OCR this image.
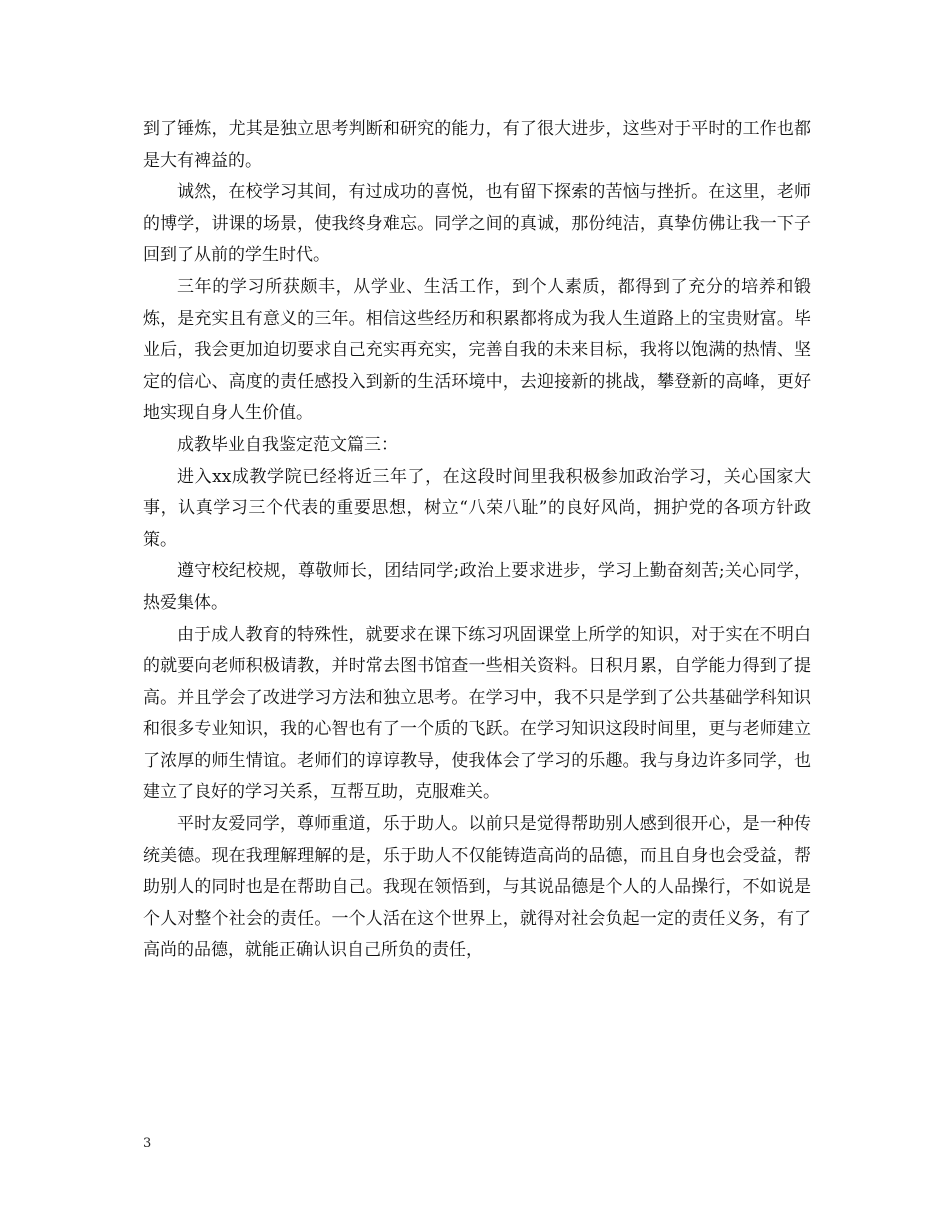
到了锤炼，尤其是独立思考判断和研究的能力，有了很大进步，这些对于平时的工作也都是大有裨益的。

诚然，在校学习其间，有过成功的喜悦，也有留下探索的苦恼与挫折。在这里，老师的博学，讲课的场景，使我终身难忘。同学之间的真诚，那份纯洁，真挚仿佛让我一下子回到了从前的学生时代。

三年的学习所获颇丰，从学业、生活工作，到个人素质，都得到了充分的培养和锻炼，是充实且有意义的三年。相信这些经历和积累都将成为我人生道路上的宝贵财富。毕业后，我会更加迫切要求自己充实再充实，完善自我的未来目标，我将以饱满的热情、坚定的信心、高度的责任感投入到新的生活环境中，去迎接新的挑战，攀登新的高峰，更好地实现自身人生价值。

成教毕业自我鉴定范文篇三：

进入xx成教学院已经将近三年了，在这段时间里我积极参加政治学习，关心国家大事，认真学习三个代表的重要思想，树立“八荣八耻”的良好风尚，拥护党的各项方针政策。

遵守校纪校规，尊敬师长，团结同学;政治上要求进步，学习上勤奋刻苦;关心同学，热爱集体。

由于成人教育的特殊性，就要求在课下练习巩固课堂上所学的知识，对于实在不明白的就要向老师积极请教，并时常去图书馆查一些相关资料。日积月累，自学能力得到了提高。并且学会了改进学习方法和独立思考。在学习中，我不只是学到了公共基础学科知识和很多专业知识，我的心智也有了一个质的飞跃。在学习知识这段时间里，更与老师建立了浓厚的师生情谊。老师们的谆谆教导，使我体会了学习的乐趣。我与身边许多同学，也建立了良好的学习关系，互帮互助，克服难关。

平时友爱同学，尊师重道，乐于助人。以前只是觉得帮助别人感到很开心，是一种传统美德。现在我理解理解的是，乐于助人不仅能铸造高尚的品德，而且自身也会受益，帮助别人的同时也是在帮助自己。我现在领悟到，与其说品德是个人的人品操行，不如说是个人对整个社会的责任。一个人活在这个世界上，就得对社会负起一定的责任义务，有了高尚的品德，就能正确认识自己所负的责任，

3
